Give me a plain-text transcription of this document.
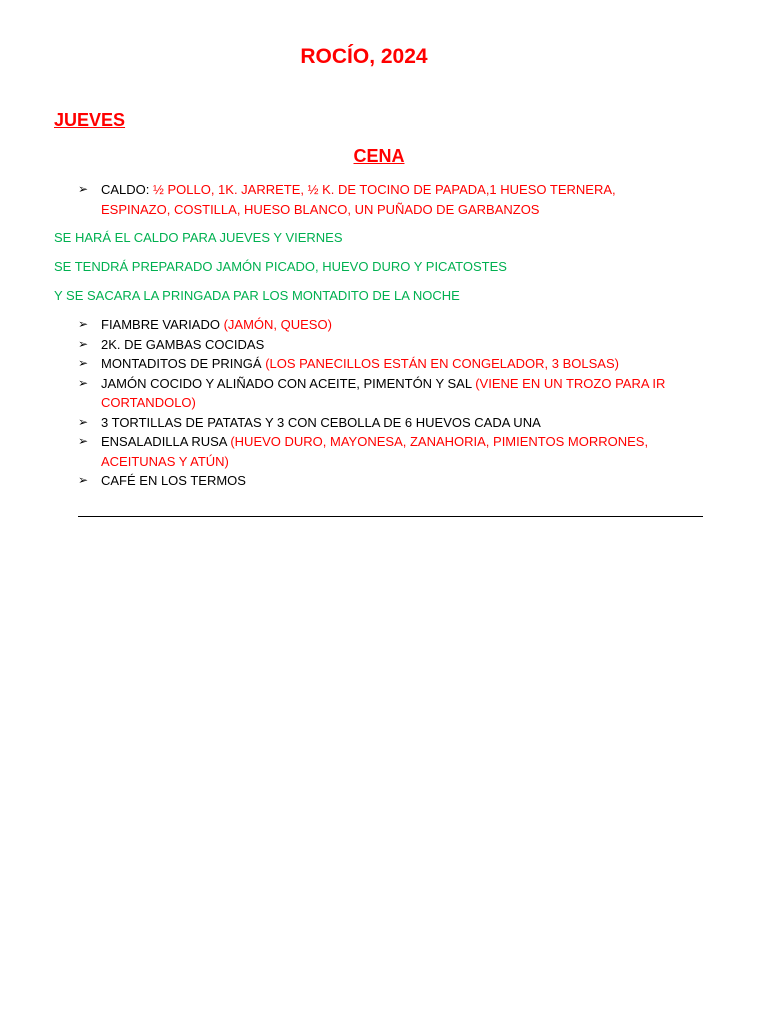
ROCÍO, 2024
JUEVES
CENA
➢ CALDO: ½ POLLO, 1K. JARRETE, ½ K. DE TOCINO DE PAPADA,1 HUESO TERNERA, ESPINAZO, COSTILLA, HUESO BLANCO, UN PUÑADO DE GARBANZOS
SE HARÁ EL CALDO PARA JUEVES Y VIERNES
SE TENDRÁ PREPARADO JAMÓN PICADO, HUEVO DURO Y PICATOSTES
Y SE SACARA LA PRINGADA PAR LOS MONTADITO DE LA NOCHE
➢ FIAMBRE VARIADO (JAMÓN, QUESO)
➢ 2K. DE GAMBAS COCIDAS
➢ MONTADITOS DE PRINGÁ (LOS PANECILLOS ESTÁN EN CONGELADOR, 3 BOLSAS)
➢ JAMÓN COCIDO Y ALIÑADO CON ACEITE, PIMENTÓN Y SAL (VIENE EN UN TROZO PARA IR CORTANDOLO)
➢ 3 TORTILLAS DE PATATAS Y 3 CON CEBOLLA DE 6 HUEVOS CADA UNA
➢ ENSALADILLA RUSA (HUEVO DURO, MAYONESA, ZANAHORIA, PIMIENTOS MORRONES, ACEITUNAS Y ATÚN)
➢ CAFÉ EN LOS TERMOS
